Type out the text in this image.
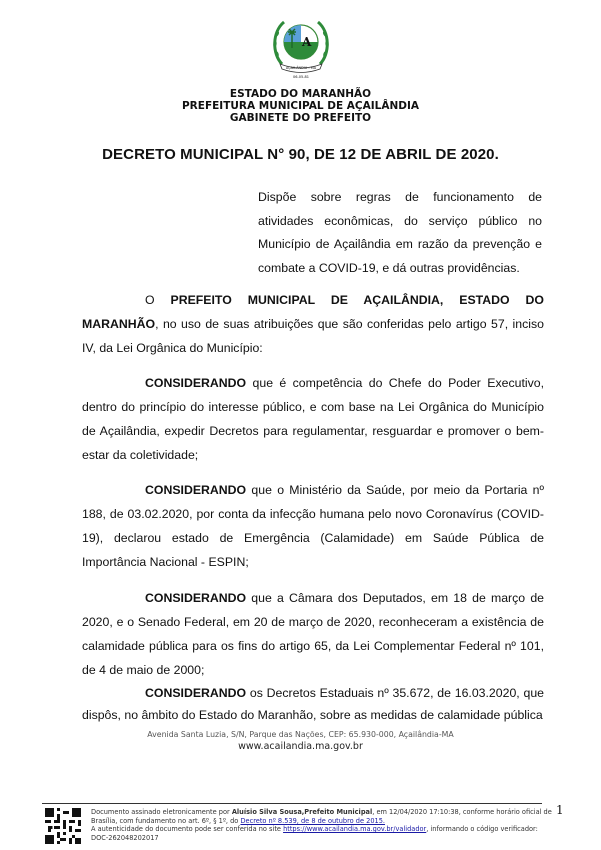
A
AÇAILÂNDIA - MA
06-05-81
ESTADO DO MARANHÃO
PREFEITURA MUNICIPAL DE AÇAILÂNDIA
GABINETE DO PREFEITO
DECRETO MUNICIPAL N° 90, DE 12 DE ABRIL DE 2020.
Dispõe sobre regras de funcionamento de atividades econômicas, do serviço público no Município de Açailândia em razão da prevenção e combate a COVID-19, e dá outras providências.
O PREFEITO MUNICIPAL DE AÇAILÂNDIA, ESTADO DO MARANHÃO, no uso de suas atribuições que são conferidas pelo artigo 57, inciso IV, da Lei Orgânica do Município:
CONSIDERANDO que é competência do Chefe do Poder Executivo, dentro do princípio do interesse público, e com base na Lei Orgânica do Município de Açailândia, expedir Decretos para regulamentar, resguardar e promover o bem-estar da coletividade;
CONSIDERANDO que o Ministério da Saúde, por meio da Portaria nº 188, de 03.02.2020, por conta da infecção humana pelo novo Coronavírus (COVID-19), declarou estado de Emergência (Calamidade) em Saúde Pública de Importância Nacional - ESPIN;
CONSIDERANDO que a Câmara dos Deputados, em 18 de março de 2020, e o Senado Federal, em 20 de março de 2020, reconheceram a existência de calamidade pública para os fins do artigo 65, da Lei Complementar Federal nº 101, de 4 de maio de 2000;
CONSIDERANDO os Decretos Estaduais nº 35.672, de 16.03.2020, que dispôs, no âmbito do Estado do Maranhão, sobre as medidas de calamidade pública
Avenida Santa Luzia, S/N, Parque das Nações, CEP: 65.930-000, Açailândia-MA
www.acailandia.ma.gov.br
Documento assinado eletronicamente por Aluísio Silva Sousa,Prefeito Municipal, em 12/04/2020 17:10:38, conforme horário oficial de
Brasília, com fundamento no art. 6º, § 1º, do Decreto nº 8.539, de 8 de outubro de 2015.
A autenticidade do documento pode ser conferida no site https://www.acailandia.ma.gov.br/validador, informando o código verificador:
DOC-262048202017
1
